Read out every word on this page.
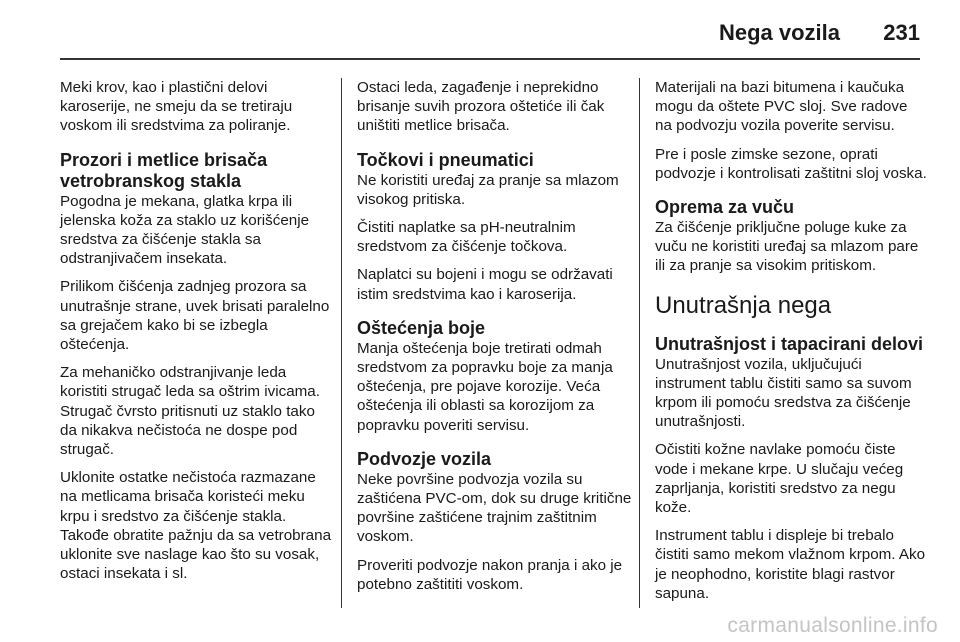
Nega vozila 231

Meki krov, kao i plastični delovi karoserije, ne smeju da se tretiraju voskom ili sredstvima za poliranje.

Prozori i metlice brisača vetrobranskog stakla

Pogodna je mekana, glatka krpa ili jelenska koža za staklo uz korišćenje sredstva za čišćenje stakla sa odstranjivačem insekata.

Prilikom čišćenja zadnjeg prozora sa unutrašnje strane, uvek brisati paralelno sa grejačem kako bi se izbegla oštećenja.

Za mehaničko odstranjivanje leda koristiti strugač leda sa oštrim ivicama. Strugač čvrsto pritisnuti uz staklo tako da nikakva nečistoća ne dospe pod strugač.

Uklonite ostatke nečistoća razmazane na metlicama brisača koristeći meku krpu i sredstvo za čišćenje stakla. Takođe obratite pažnju da sa vetrobrana uklonite sve naslage kao što su vosak, ostaci insekata i sl.

Ostaci leda, zagađenje i neprekidno brisanje suvih prozora oštetiće ili čak uništiti metlice brisača.

Točkovi i pneumatici

Ne koristiti uređaj za pranje sa mlazom visokog pritiska.

Čistiti naplatke sa pH-neutralnim sredstvom za čišćenje točkova.

Naplatci su bojeni i mogu se održavati istim sredstvima kao i karoserija.

Oštećenja boje

Manja oštećenja boje tretirati odmah sredstvom za popravku boje za manja oštećenja, pre pojave korozije. Veća oštećenja ili oblasti sa korozijom za popravku poveriti servisu.

Podvozje vozila

Neke površine podvozja vozila su zaštićena PVC-om, dok su druge kritične površine zaštićene trajnim zaštitnim voskom.

Proveriti podvozje nakon pranja i ako je potebno zaštititi voskom.

Materijali na bazi bitumena i kaučuka mogu da oštete PVC sloj. Sve radove na podvozju vozila poverite servisu.

Pre i posle zimske sezone, oprati podvozje i kontrolisati zaštitni sloj voska.

Oprema za vuču

Za čišćenje priključne poluge kuke za vuču ne koristiti uređaj sa mlazom pare ili za pranje sa visokim pritiskom.

Unutrašnja nega
Unutrašnjost i tapacirani delovi

Unutrašnjost vozila, uključujući instrument tablu čistiti samo sa suvom krpom ili pomoću sredstva za čišćenje unutrašnjosti.

Očistiti kožne navlake pomoću čiste vode i mekane krpe. U slučaju većeg zaprljanja, koristiti sredstvo za negu kože.

Instrument tablu i displeje bi trebalo čistiti samo mekom vlažnom krpom. Ako je neophodno, koristite blagi rastvor sapuna.

carmanualsonline.info
